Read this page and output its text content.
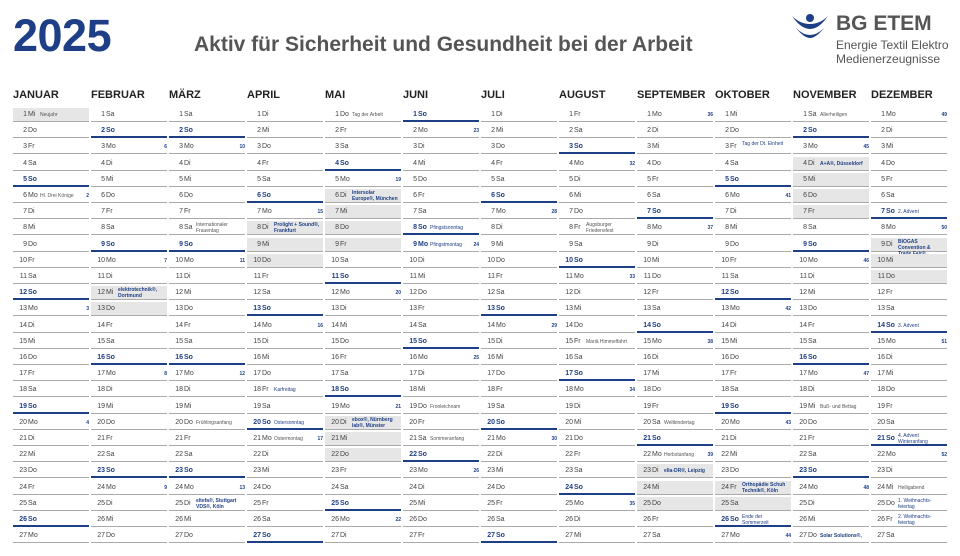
2025	Aktiv für Sicherheit und Gesundheit bei der Arbeit
BG ETEM
Energie Textil Elektro
Medienerzeugnisse
JANUAR
1 Mi Neujahr
2 Do
3 Fr
4 Sa
5 So
6 Mo Hl. Drei Könige	2
7 Di
8 Mi
9 Do
10 Fr
11 Sa
12 So
13 Mo	3
14 Di
15 Mi
16 Do
17 Fr
18 Sa
19 So
20 Mo	4
21 Di
22 Mi
23 Do
24 Fr
25 Sa
26 So
27 Mo
FEBRUAR
1 Sa
2 So
3 Mo	6
4 Di
5 Mi
6 Do
7 Fr
8 Sa
9 So
10 Mo	7
11 Di
12 Mi elektrotechnik®, Dortmund
13 Do
14 Fr
15 Sa
16 So
17 Mo	8
18 Di
19 Mi
20 Do
21 Fr
22 Sa
23 So
24 Mo	9
25 Di
26 Mi
27 Do
MÄRZ
1 Sa
2 So
3 Mo	10
4 Di
5 Mi
6 Do
7 Fr
8 Sa Internationaler Frauentag
9 So
10 Mo	11
11 Di
12 Mi
13 Do
14 Fr
15 Sa
16 So
17 Mo	12
18 Di
19 Mi
20 Do Frühlingsanfang
21 Fr
22 Sa
23 So
24 Mo	13
25 Di eltefa®, Stuttgart VDS®, Köln
26 Mi
27 Do
APRIL
1 Di
2 Mi
3 Do
4 Fr
5 Sa
6 So
7 Mo	15
8 Di Prolight + Sound®, Frankfurt
9 Mi
10 Do
11 Fr
12 Sa
13 So
14 Mo	16
15 Di
16 Mi
17 Do
18 Fr Karfreitag
19 Sa
20 So Ostersonntag
21 Mo Ostermontag	17
22 Di
23 Mi
24 Do
25 Fr
26 Sa
27 So
MAI
1 Do Tag der Arbeit
2 Fr
3 Sa
4 So
5 Mo	19
6 Di Intersolar Europe®, München
7 Mi
8 Do
9 Fr
10 Sa
11 So
12 Mo	20
13 Di
14 Mi
15 Do
16 Fr
17 Sa
18 So
19 Mo	21
20 Di ebox®, Nürnberg lab®, Münster
21 Mi
22 Do
23 Fr
24 Sa
25 So
26 Mo	22
27 Di
JUNI
1 So
2 Mo	23
3 Di
4 Mi
5 Do
6 Fr
7 Sa
8 So Pfingstsonntag
9 Mo Pfingstmontag	24
10 Di
11 Mi
12 Do
13 Fr
14 Sa
15 So
16 Mo	25
17 Di
18 Mi
19 Do Fronleichnam
20 Fr
21 Sa Sommeranfang
22 So
23 Mo	26
24 Di
25 Mi
26 Do
27 Fr
JULI
1 Di
2 Mi
3 Do
4 Fr
5 Sa
6 So
7 Mo	28
8 Di
9 Mi
10 Do
11 Fr
12 Sa
13 So
14 Mo	29
15 Di
16 Mi
17 Do
18 Fr
19 Sa
20 So
21 Mo	30
22 Di
23 Mi
24 Do
25 Fr
26 Sa
27 So
AUGUST
1 Fr
2 Sa
3 So
4 Mo	32
5 Di
6 Mi
7 Do
8 Fr Augsburger Friedensfest
9 Sa
10 So
11 Mo	33
12 Di
13 Mi
14 Do
15 Fr Mariä Himmelfahrt
16 Sa
17 So
18 Mo	34
19 Di
20 Mi
21 Do
22 Fr
23 Sa
24 So
25 Mo	35
26 Di
27 Mi
SEPTEMBER
1 Mo	36
2 Di
3 Mi
4 Do
5 Fr
6 Sa
7 So
8 Mo	37
9 Di
10 Mi
11 Do
12 Fr
13 Sa
14 So
15 Mo	38
16 Di
17 Mi
18 Do
19 Fr
20 Sa Weltkindertag
21 So
22 Mo Herbstanfang	39
23 Di ella-DR®, Leipzig
24 Mi
25 Do
26 Fr
27 Sa
OKTOBER
1 Mi
2 Do
3 Fr Tag der Dt. Einheit
4 Sa
5 So
6 Mo	41
7 Di
8 Mi
9 Do
10 Fr
11 Sa
12 So
13 Mo	42
14 Di
15 Mi
16 Do
17 Fr
18 Sa
19 So
20 Mo	43
21 Di
22 Mi
23 Do
24 Fr Orthopädie Schuh Technik®, Köln
25 Sa
26 So Ende der Sommerzeit
27 Mo	44
NOVEMBER
1 Sa Allerheiligen
2 So
3 Mo	45
4 Di A+A®, Düsseldorf
5 Mi
6 Do
7 Fr
8 Sa
9 So
10 Mo	46
11 Di
12 Mi
13 Do
14 Fr
15 Sa
16 So
17 Mo	47
18 Di
19 Mi Buß- und Bettag
20 Do
21 Fr
22 Sa
23 So
24 Mo	48
25 Di
26 Mi
27 Do Solar Solutions®,
DEZEMBER
1 Mo	49
2 Di
3 Mi
4 Do
5 Fr
6 Sa
7 So 2. Advent
8 Mo	50
9 Di BIOGAS Convention &
10 Mi
11 Do
12 Fr
13 Sa
14 So 3. Advent
15 Mo	51
16 Di
17 Mi
18 Do
19 Fr
20 Sa
21 So 4. Advent Winteranfang
22 Mo	52
23 Di
24 Mi Heiligabend
25 Do 1. Weihnachts-feiertag
26 Fr 2. Weihnachts-feiertag
27 Sa
